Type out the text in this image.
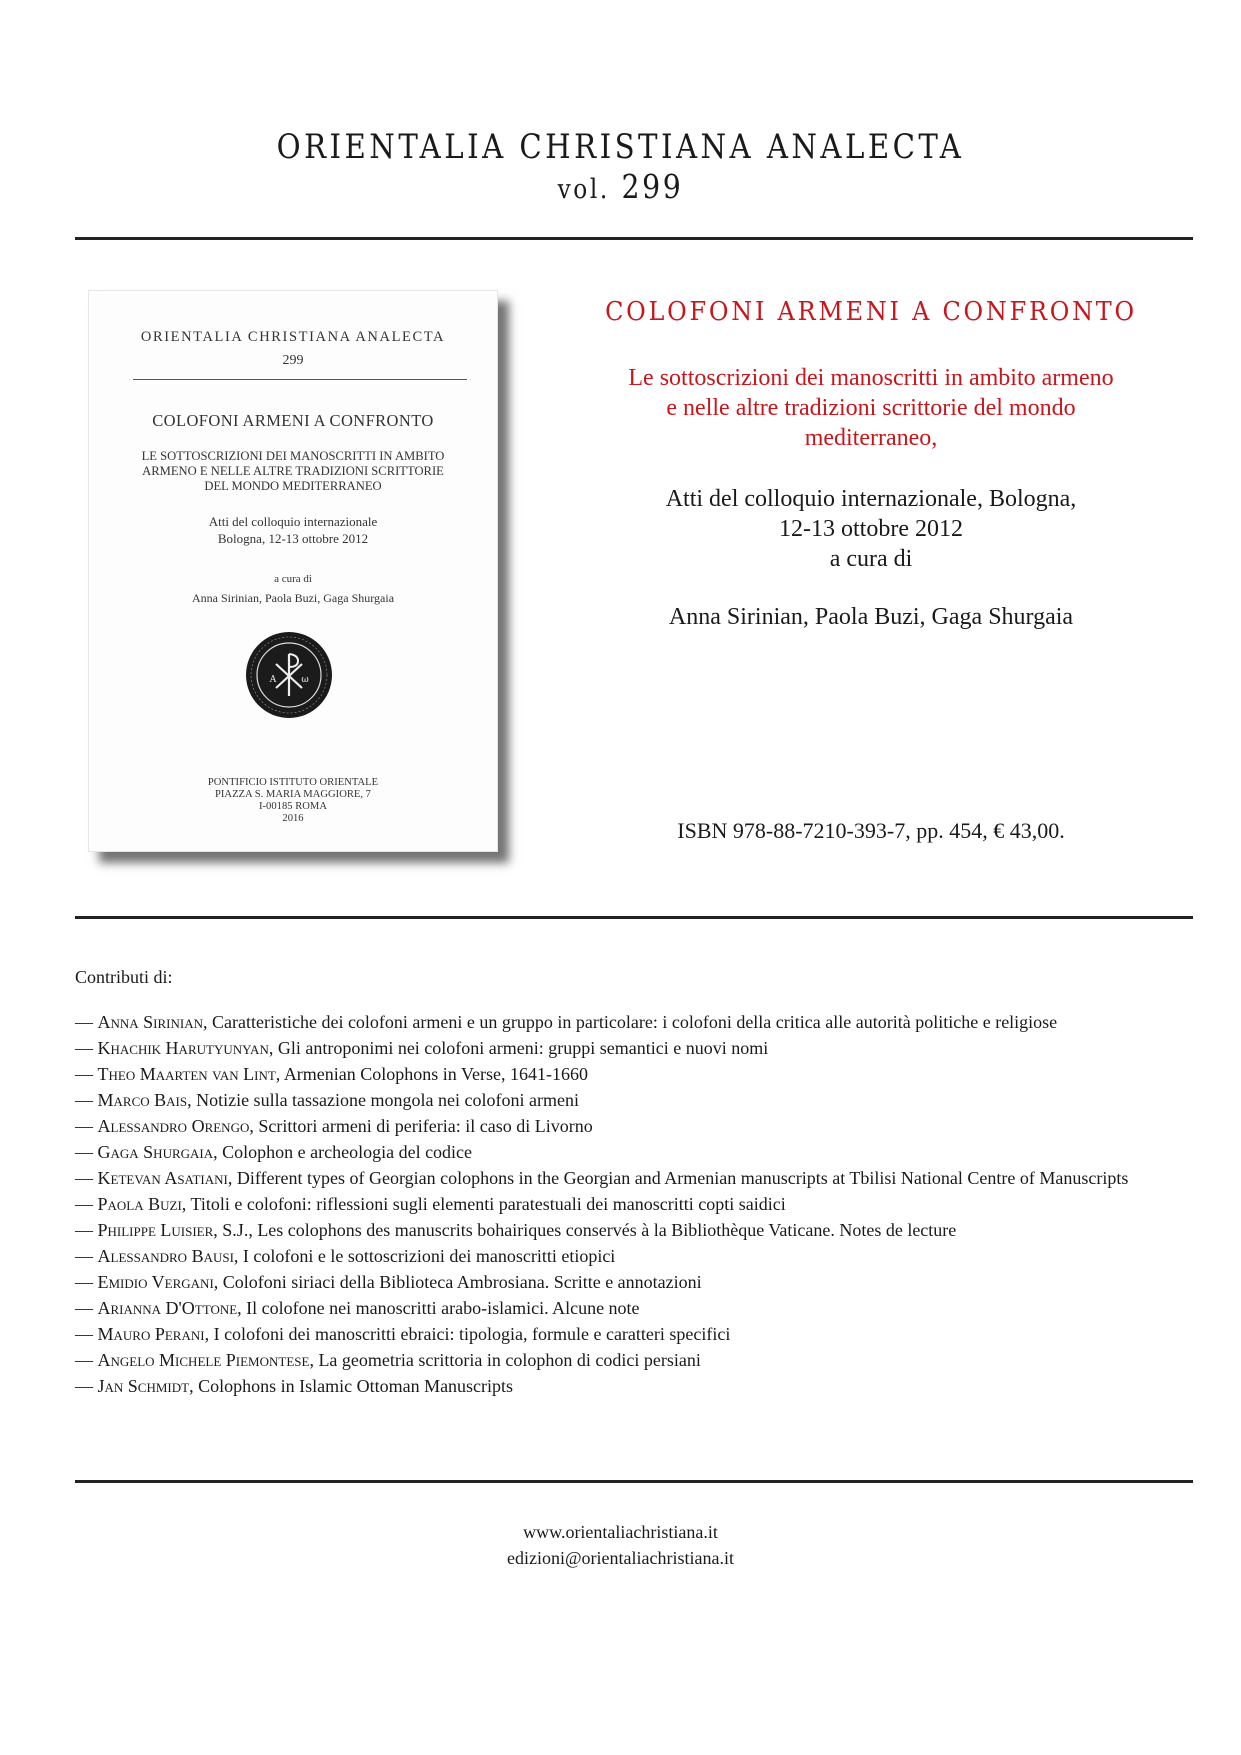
ORIENTALIA CHRISTIANA ANALECTA
vol. 299
ORIENTALIA CHRISTIANA ANALECTA
299
COLOFONI ARMENI A CONFRONTO
LE SOTTOSCRIZIONI DEI MANOSCRITTI IN AMBITO
ARMENO E NELLE ALTRE TRADIZIONI SCRITTORIE
DEL MONDO MEDITERRANEO
Atti del colloquio internazionale
Bologna, 12-13 ottobre 2012
a cura di
Anna Sirinian, Paola Buzi, Gaga Shurgaia
A	ω
PONTIFICIO ISTITUTO ORIENTALE
PIAZZA S. MARIA MAGGIORE, 7
I-00185 ROMA
2016
COLOFONI ARMENI A CONFRONTO
Le sottoscrizioni dei manoscritti in ambito armeno
e nelle altre tradizioni scrittorie del mondo
mediterraneo,
Atti del colloquio internazionale, Bologna,
12-13 ottobre 2012
a cura di
Anna Sirinian, Paola Buzi, Gaga Shurgaia
ISBN 978-88-7210-393-7, pp. 454, € 43,00.
Contributi di:
— Anna Sirinian, Caratteristiche dei colofoni armeni e un gruppo in particolare: i colofoni della critica alle autorità politiche e religiose
— Khachik Harutyunyan, Gli antroponimi nei colofoni armeni: gruppi semantici e nuovi nomi
— Theo Maarten van Lint, Armenian Colophons in Verse, 1641-1660
— Marco Bais, Notizie sulla tassazione mongola nei colofoni armeni
— Alessandro Orengo, Scrittori armeni di periferia: il caso di Livorno
— Gaga Shurgaia, Colophon e archeologia del codice
— Ketevan Asatiani, Different types of Georgian colophons in the Georgian and Armenian manuscripts at Tbilisi National Centre of Manuscripts
— Paola Buzi, Titoli e colofoni: riflessioni sugli elementi paratestuali dei manoscritti copti saidici
— Philippe Luisier, S.J., Les colophons des manuscrits bohairiques conservés à la Bibliothèque Vaticane. Notes de lecture
— Alessandro Bausi, I colofoni e le sottoscrizioni dei manoscritti etiopici
— Emidio Vergani, Colofoni siriaci della Biblioteca Ambrosiana. Scritte e annotazioni
— Arianna D'Ottone, Il colofone nei manoscritti arabo-islamici. Alcune note
— Mauro Perani, I colofoni dei manoscritti ebraici: tipologia, formule e caratteri specifici
— Angelo Michele Piemontese, La geometria scrittoria in colophon di codici persiani
— Jan Schmidt, Colophons in Islamic Ottoman Manuscripts
www.orientaliachristiana.it
edizioni@orientaliachristiana.it
